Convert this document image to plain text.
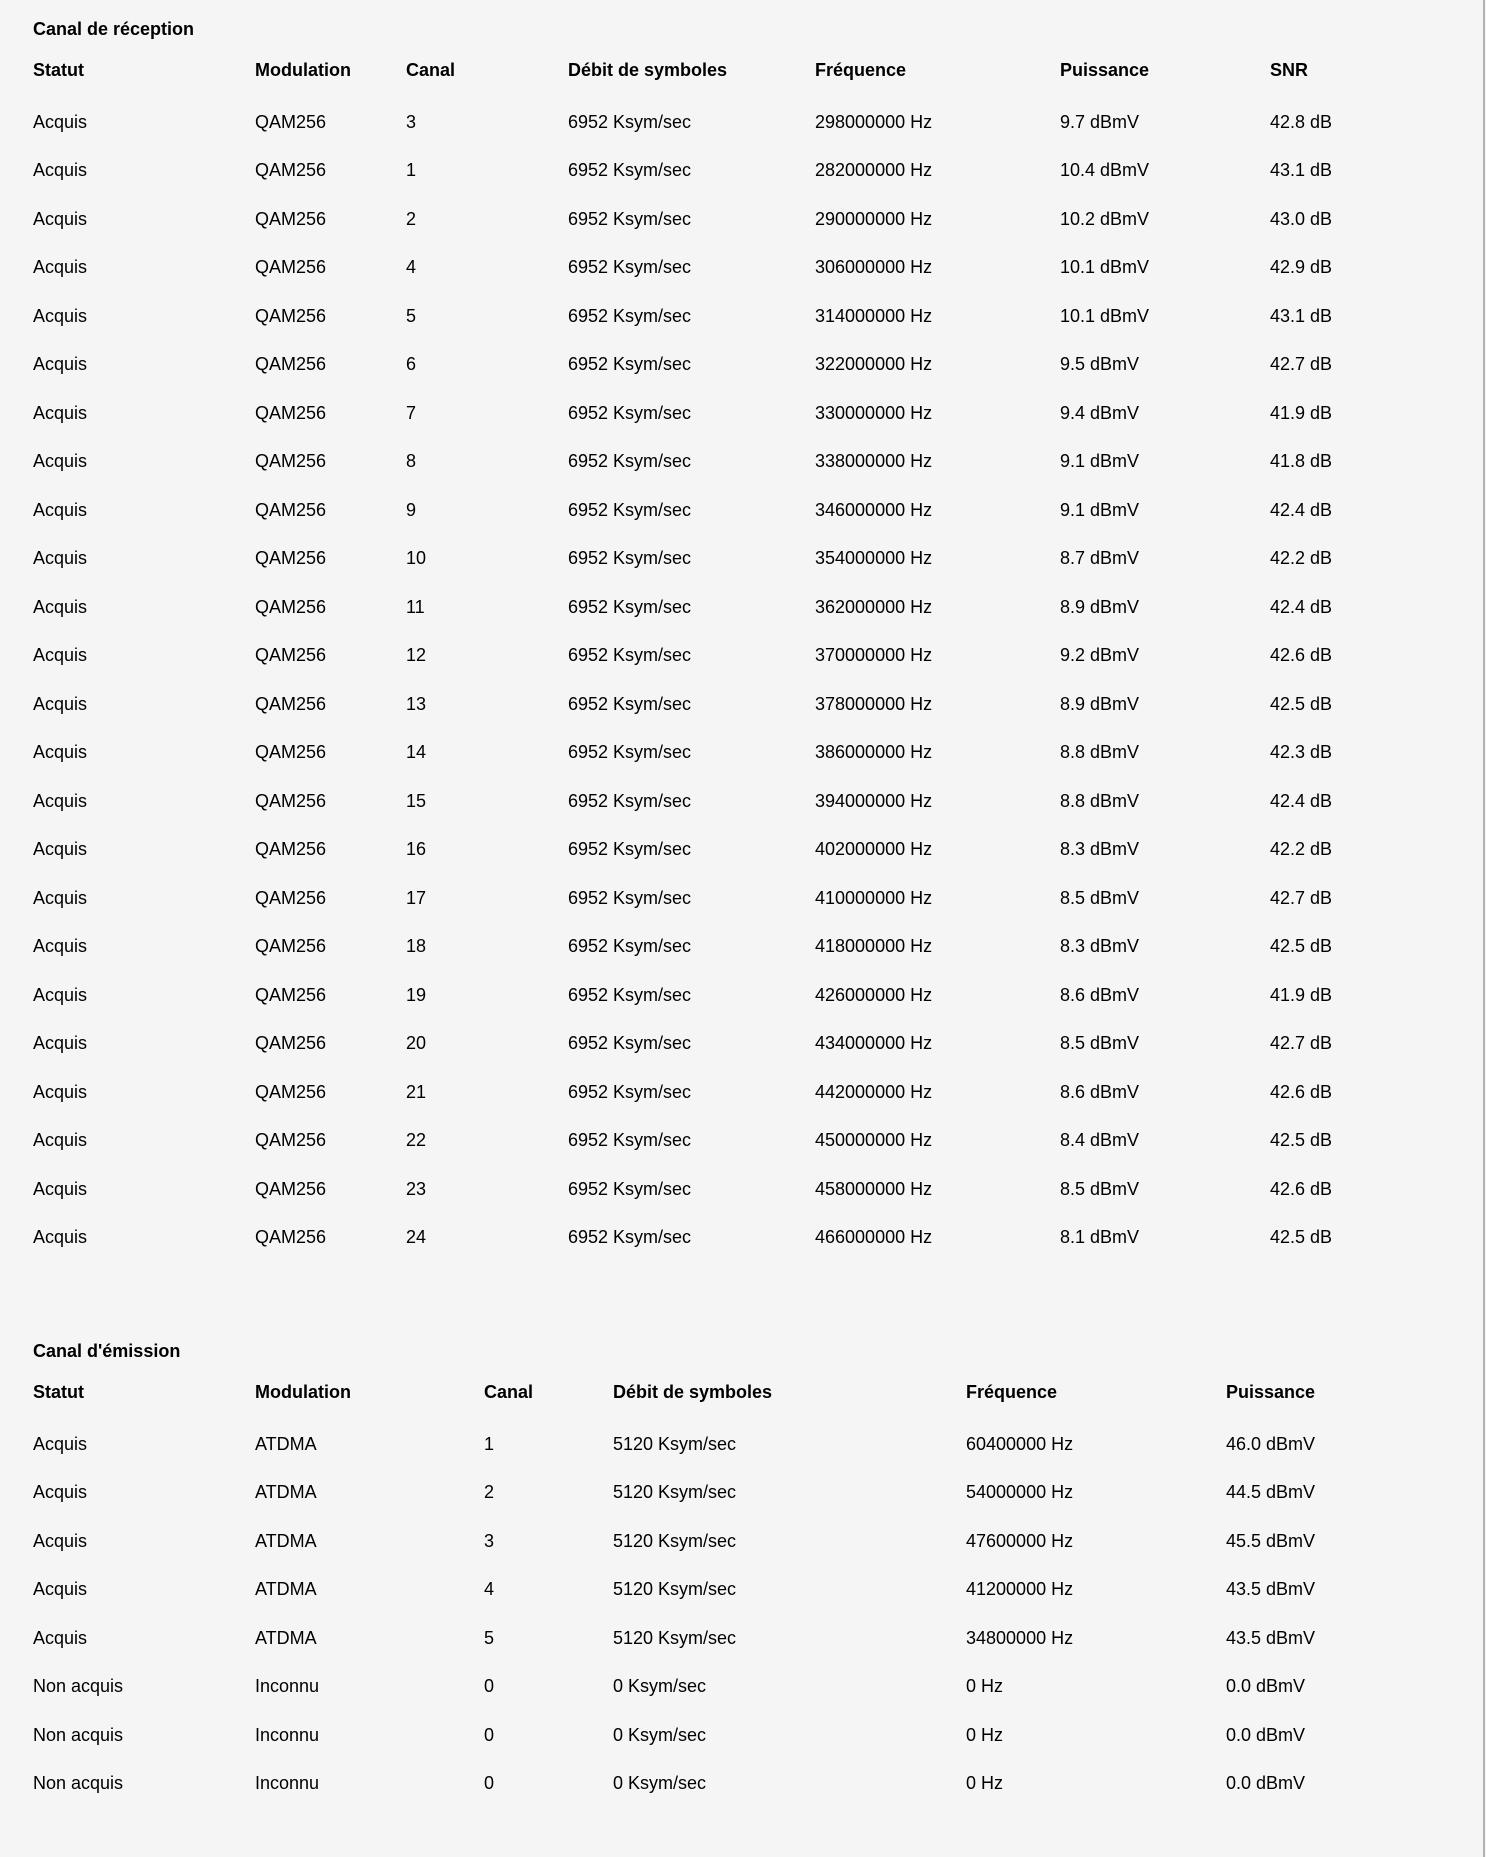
Canal de réception
Statut	Modulation	Canal	Débit de symboles	Fréquence	Puissance	SNR
Acquis	QAM256	3	6952 Ksym/sec	298000000 Hz	9.7 dBmV	42.8 dB
Acquis	QAM256	1	6952 Ksym/sec	282000000 Hz	10.4 dBmV	43.1 dB
Acquis	QAM256	2	6952 Ksym/sec	290000000 Hz	10.2 dBmV	43.0 dB
Acquis	QAM256	4	6952 Ksym/sec	306000000 Hz	10.1 dBmV	42.9 dB
Acquis	QAM256	5	6952 Ksym/sec	314000000 Hz	10.1 dBmV	43.1 dB
Acquis	QAM256	6	6952 Ksym/sec	322000000 Hz	9.5 dBmV	42.7 dB
Acquis	QAM256	7	6952 Ksym/sec	330000000 Hz	9.4 dBmV	41.9 dB
Acquis	QAM256	8	6952 Ksym/sec	338000000 Hz	9.1 dBmV	41.8 dB
Acquis	QAM256	9	6952 Ksym/sec	346000000 Hz	9.1 dBmV	42.4 dB
Acquis	QAM256	10	6952 Ksym/sec	354000000 Hz	8.7 dBmV	42.2 dB
Acquis	QAM256	11	6952 Ksym/sec	362000000 Hz	8.9 dBmV	42.4 dB
Acquis	QAM256	12	6952 Ksym/sec	370000000 Hz	9.2 dBmV	42.6 dB
Acquis	QAM256	13	6952 Ksym/sec	378000000 Hz	8.9 dBmV	42.5 dB
Acquis	QAM256	14	6952 Ksym/sec	386000000 Hz	8.8 dBmV	42.3 dB
Acquis	QAM256	15	6952 Ksym/sec	394000000 Hz	8.8 dBmV	42.4 dB
Acquis	QAM256	16	6952 Ksym/sec	402000000 Hz	8.3 dBmV	42.2 dB
Acquis	QAM256	17	6952 Ksym/sec	410000000 Hz	8.5 dBmV	42.7 dB
Acquis	QAM256	18	6952 Ksym/sec	418000000 Hz	8.3 dBmV	42.5 dB
Acquis	QAM256	19	6952 Ksym/sec	426000000 Hz	8.6 dBmV	41.9 dB
Acquis	QAM256	20	6952 Ksym/sec	434000000 Hz	8.5 dBmV	42.7 dB
Acquis	QAM256	21	6952 Ksym/sec	442000000 Hz	8.6 dBmV	42.6 dB
Acquis	QAM256	22	6952 Ksym/sec	450000000 Hz	8.4 dBmV	42.5 dB
Acquis	QAM256	23	6952 Ksym/sec	458000000 Hz	8.5 dBmV	42.6 dB
Acquis	QAM256	24	6952 Ksym/sec	466000000 Hz	8.1 dBmV	42.5 dB
Canal d'émission
Statut	Modulation	Canal	Débit de symboles	Fréquence	Puissance
Acquis	ATDMA	1	5120 Ksym/sec	60400000 Hz	46.0 dBmV
Acquis	ATDMA	2	5120 Ksym/sec	54000000 Hz	44.5 dBmV
Acquis	ATDMA	3	5120 Ksym/sec	47600000 Hz	45.5 dBmV
Acquis	ATDMA	4	5120 Ksym/sec	41200000 Hz	43.5 dBmV
Acquis	ATDMA	5	5120 Ksym/sec	34800000 Hz	43.5 dBmV
Non acquis	Inconnu	0	0 Ksym/sec	0 Hz	0.0 dBmV
Non acquis	Inconnu	0	0 Ksym/sec	0 Hz	0.0 dBmV
Non acquis	Inconnu	0	0 Ksym/sec	0 Hz	0.0 dBmV
